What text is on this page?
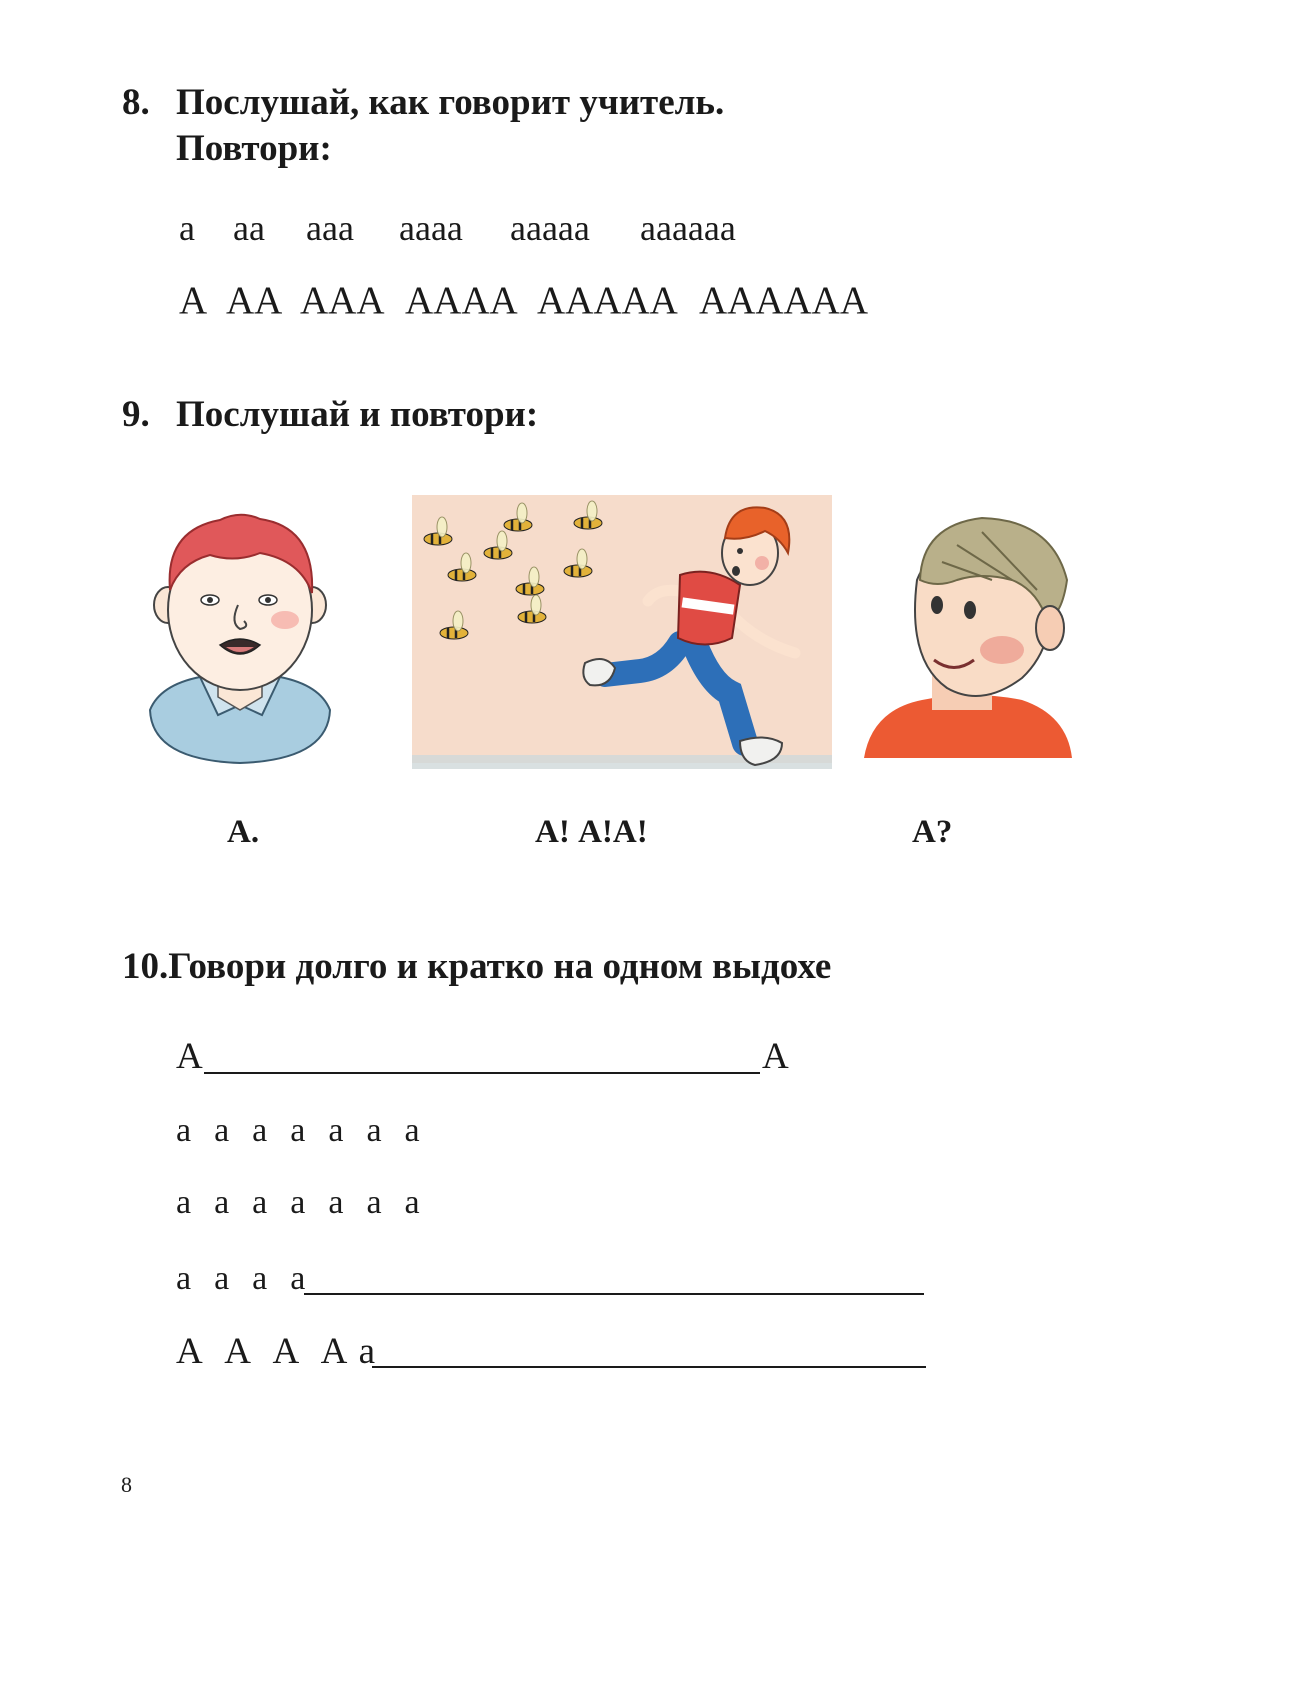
8. Послушай, как говорит учитель.
Повтори:
а аа ааа аааа ааааа аааааа
А АА ААА АААА ААААА АААААА
9. Послушай и повтори:
А.	А! А!А!	А?
10.Говори долго и кратко на одном выдохе
А	А
а  а  а  а  а  а  а
а  а  а  а  а  а  а
а  а  а  а
А  А  А  А а
8
